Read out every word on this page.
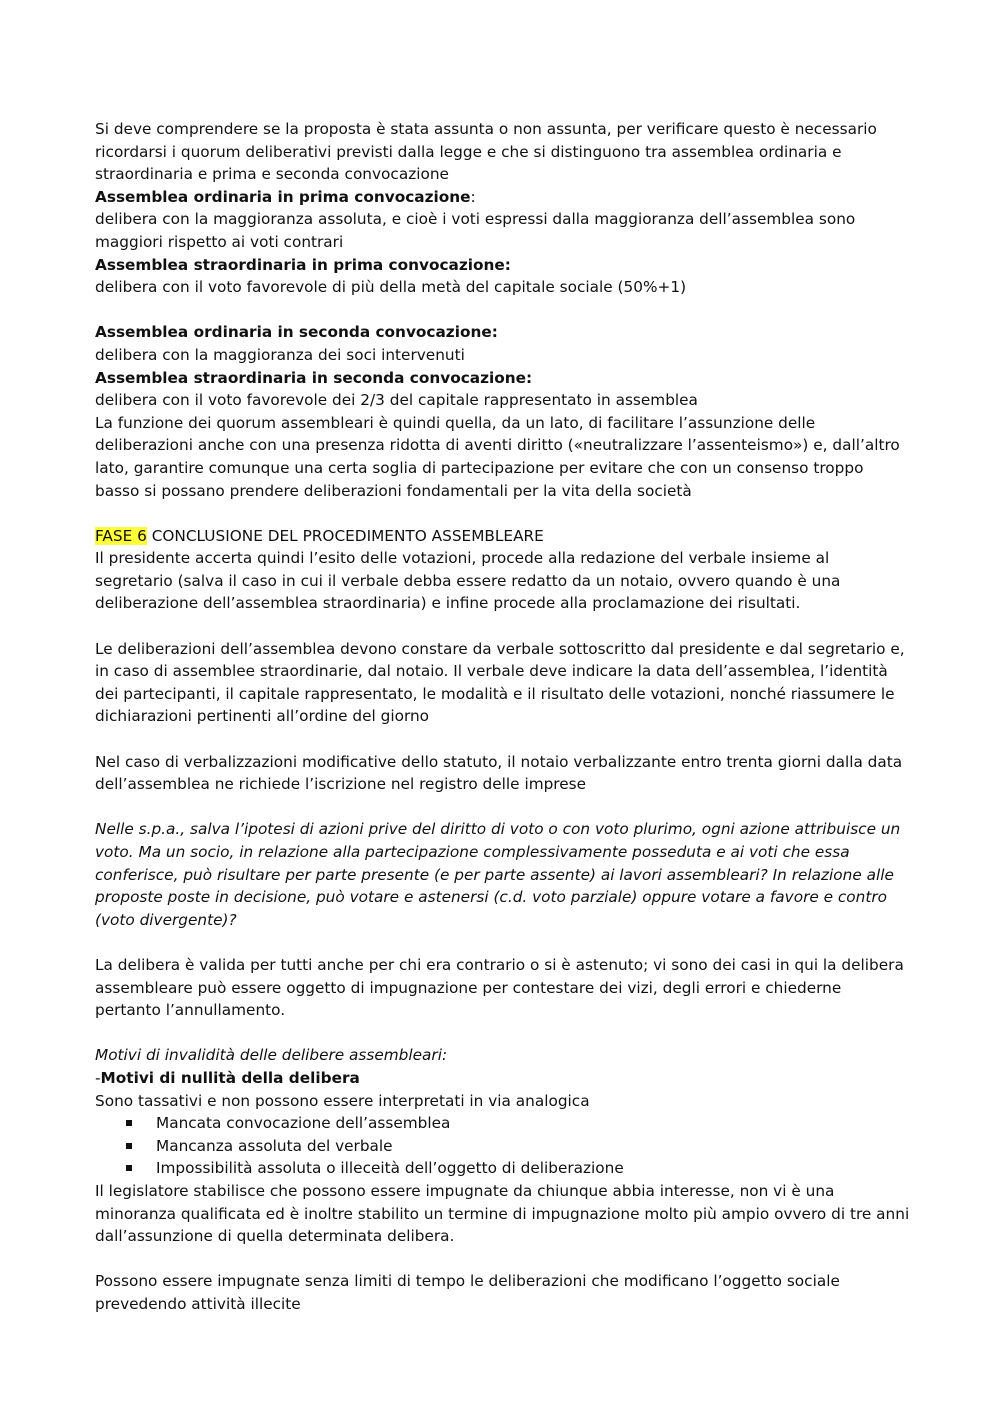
Si deve comprendere se la proposta è stata assunta o non assunta, per verificare questo è necessario ricordarsi i quorum deliberativi previsti dalla legge e che si distinguono tra assemblea ordinaria e straordinaria e prima e seconda convocazione

Assemblea ordinaria in prima convocazione:

delibera con la maggioranza assoluta, e cioè i voti espressi dalla maggioranza dell’assemblea sono maggiori rispetto ai voti contrari

Assemblea straordinaria in prima convocazione:

delibera con il voto favorevole di più della metà del capitale sociale (50%+1)

Assemblea ordinaria in seconda convocazione:

delibera con la maggioranza dei soci intervenuti

Assemblea straordinaria in seconda convocazione:

delibera con il voto favorevole dei 2/3 del capitale rappresentato in assemblea

La funzione dei quorum assembleari è quindi quella, da un lato, di facilitare l’assunzione delle deliberazioni anche con una presenza ridotta di aventi diritto («neutralizzare l’assenteismo») e, dall’altro lato, garantire comunque una certa soglia di partecipazione per evitare che con un consenso troppo basso si possano prendere deliberazioni fondamentali per la vita della società

FASE 6 CONCLUSIONE DEL PROCEDIMENTO ASSEMBLEARE

Il presidente accerta quindi l’esito delle votazioni, procede alla redazione del verbale insieme al segretario (salva il caso in cui il verbale debba essere redatto da un notaio, ovvero quando è una deliberazione dell’assemblea straordinaria) e infine procede alla proclamazione dei risultati.

Le deliberazioni dell’assemblea devono constare da verbale sottoscritto dal presidente e dal segretario e, in caso di assemblee straordinarie, dal notaio. Il verbale deve indicare la data dell’assemblea, l’identità dei partecipanti, il capitale rappresentato, le modalità e il risultato delle votazioni, nonché riassumere le dichiarazioni pertinenti all’ordine del giorno

Nel caso di verbalizzazioni modificative dello statuto, il notaio verbalizzante entro trenta giorni dalla data dell’assemblea ne richiede l’iscrizione nel registro delle imprese

Nelle s.p.a., salva l’ipotesi di azioni prive del diritto di voto o con voto plurimo, ogni azione attribuisce un voto. Ma un socio, in relazione alla partecipazione complessivamente posseduta e ai voti che essa conferisce, può risultare per parte presente (e per parte assente) ai lavori assembleari? In relazione alle proposte poste in decisione, può votare e astenersi (c.d. voto parziale) oppure votare a favore e contro (voto divergente)?

La delibera è valida per tutti anche per chi era contrario o si è astenuto; vi sono dei casi in qui la delibera assembleare può essere oggetto di impugnazione per contestare dei vizi, degli errori e chiederne pertanto l’annullamento.

Motivi di invalidità delle delibere assembleari:

-Motivi di nullità della delibera

Sono tassativi e non possono essere interpretati in via analogica

Mancata convocazione dell’assemblea
Mancanza assoluta del verbale
Impossibilità assoluta o illeceità dell’oggetto di deliberazione

Il legislatore stabilisce che possono essere impugnate da chiunque abbia interesse, non vi è una minoranza qualificata ed è inoltre stabilito un termine di impugnazione molto più ampio ovvero di tre anni dall’assunzione di quella determinata delibera.

Possono essere impugnate senza limiti di tempo le deliberazioni che modificano l’oggetto sociale prevedendo attività illecite
